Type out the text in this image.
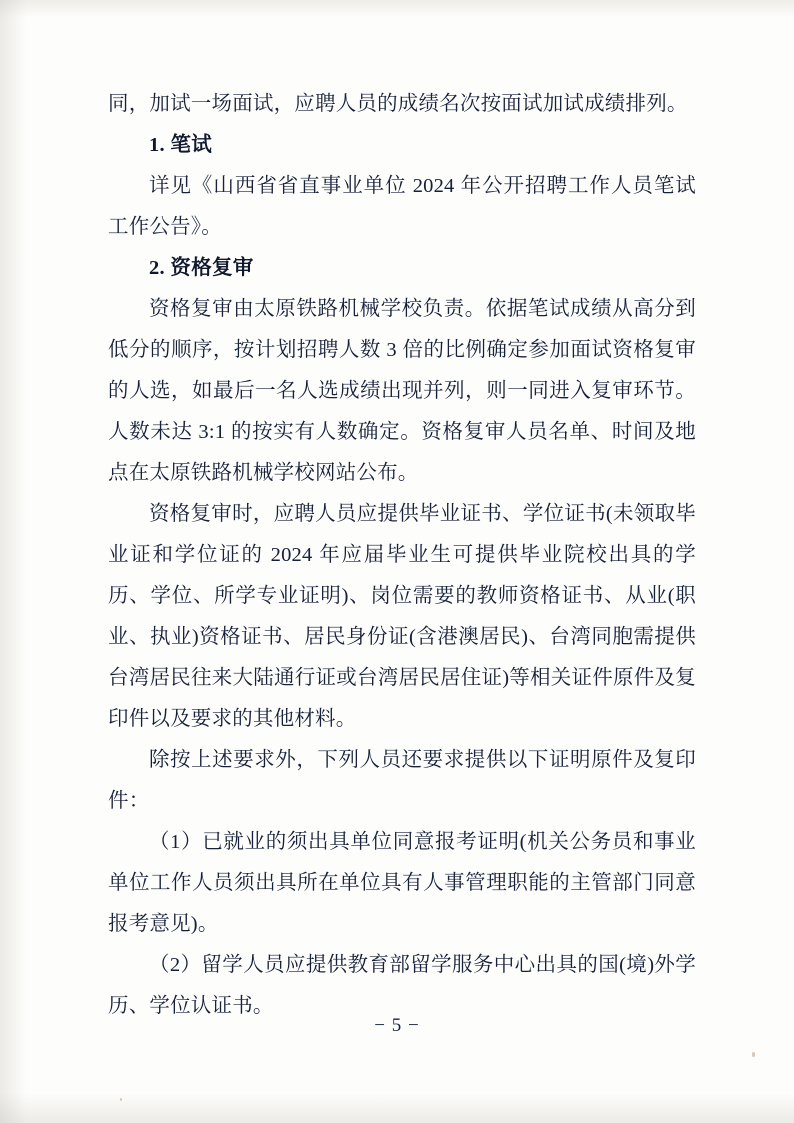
同，加试一场面试，应聘人员的成绩名次按面试加试成绩排列。

1. 笔试

详见《山西省省直事业单位 2024 年公开招聘工作人员笔试工作公告》。

2. 资格复审

资格复审由太原铁路机械学校负责。依据笔试成绩从高分到低分的顺序，按计划招聘人数 3 倍的比例确定参加面试资格复审的人选，如最后一名人选成绩出现并列，则一同进入复审环节。人数未达 3:1 的按实有人数确定。资格复审人员名单、时间及地点在太原铁路机械学校网站公布。

资格复审时，应聘人员应提供毕业证书、学位证书(未领取毕业证和学位证的 2024 年应届毕业生可提供毕业院校出具的学历、学位、所学专业证明)、岗位需要的教师资格证书、从业(职业、执业)资格证书、居民身份证(含港澳居民)、台湾同胞需提供台湾居民往来大陆通行证或台湾居民居住证)等相关证件原件及复印件以及要求的其他材料。

除按上述要求外，下列人员还要求提供以下证明原件及复印件：

（1）已就业的须出具单位同意报考证明(机关公务员和事业单位工作人员须出具所在单位具有人事管理职能的主管部门同意报考意见)。

（2）留学人员应提供教育部留学服务中心出具的国(境)外学历、学位认证书。

− 5 −
